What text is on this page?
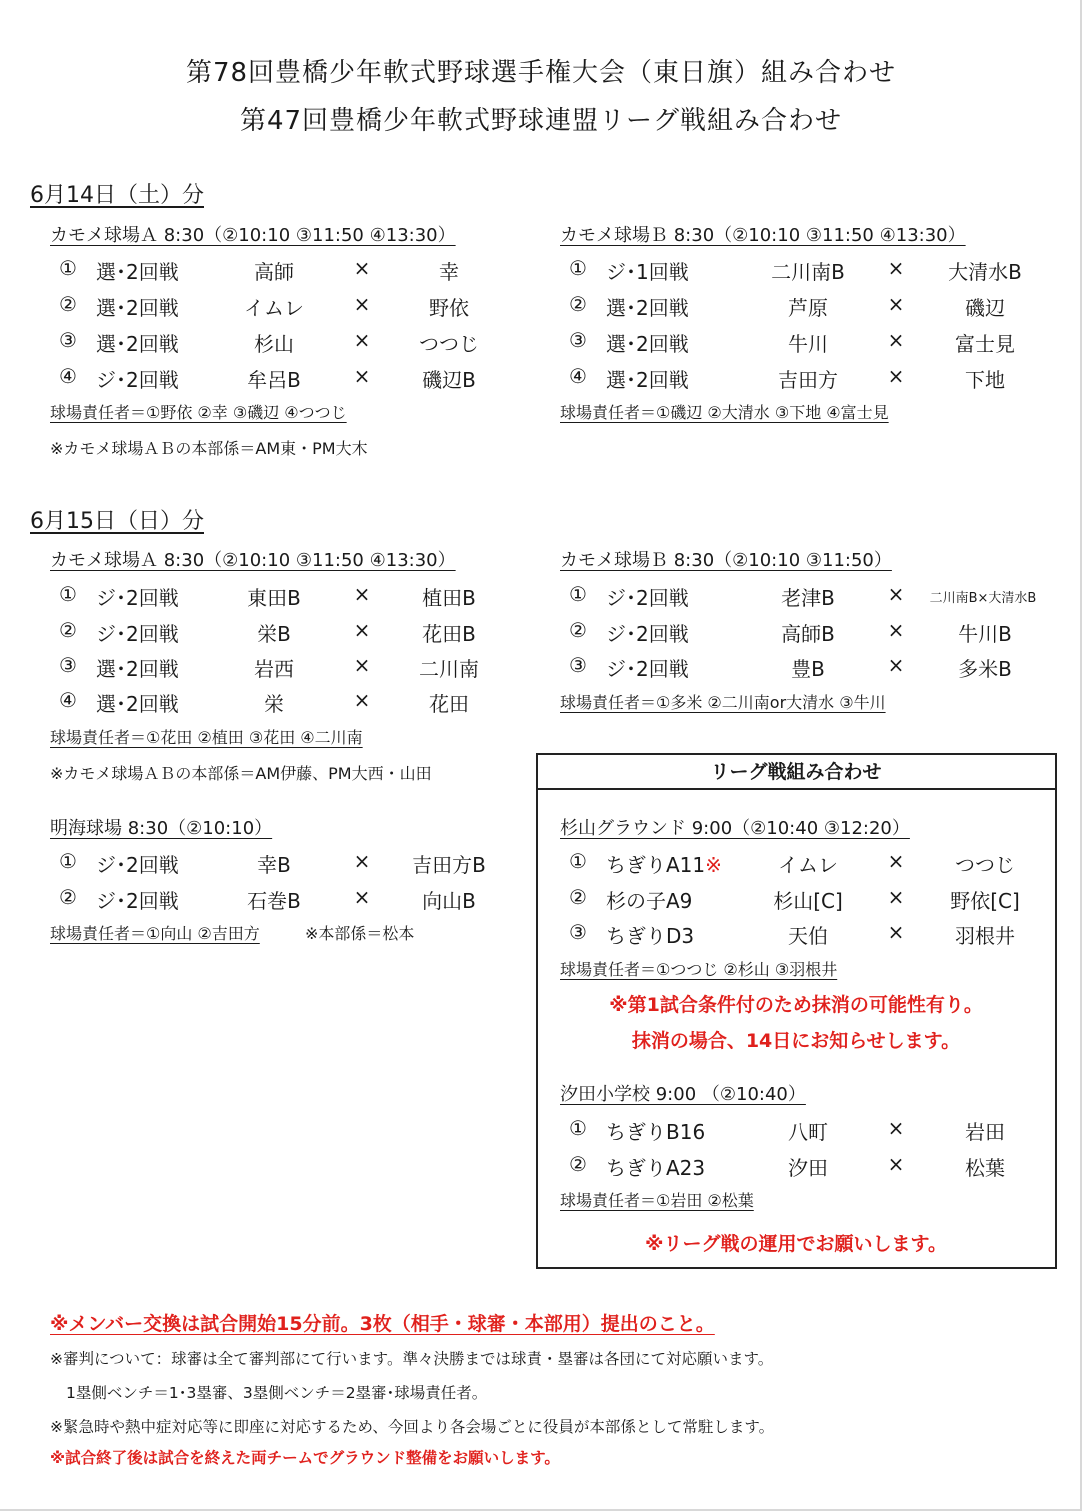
第78回豊橋少年軟式野球選手権大会（東日旗）組み合わせ
第47回豊橋少年軟式野球連盟リーグ戦組み合わせ
6月14日（土）分
カモメ球場Ａ 8:30（②10:10 ③11:50 ④13:30）
① 選･2回戦	高師	×	幸
② 選･2回戦	イムレ	×	野依
③ 選･2回戦	杉山	×	つつじ
④ ジ･2回戦	牟呂B	×	磯辺B
球場責任者＝①野依 ②幸 ③磯辺 ④つつじ
カモメ球場Ｂ 8:30（②10:10 ③11:50 ④13:30）
① ジ･1回戦	二川南B	×	大清水B
② 選･2回戦	芦原	×	磯辺
③ 選･2回戦	牛川	×	富士見
④ 選･2回戦	吉田方	×	下地
球場責任者＝①磯辺 ②大清水 ③下地 ④富士見
※カモメ球場ＡＢの本部係＝AM東・PM大木
6月15日（日）分
カモメ球場Ａ 8:30（②10:10 ③11:50 ④13:30）
① ジ･2回戦	東田B	×	植田B
② ジ･2回戦	栄B	×	花田B
③ 選･2回戦	岩西	×	二川南
④ 選･2回戦	栄	×	花田
球場責任者＝①花田 ②植田 ③花田 ④二川南
※カモメ球場ＡＢの本部係＝AM伊藤、PM大西・山田
カモメ球場Ｂ 8:30（②10:10 ③11:50）
① ジ･2回戦	老津B	×	二川南B×大清水B
② ジ･2回戦	高師B	×	牛川B
③ ジ･2回戦	豊B	×	多米B
球場責任者＝①多米 ②二川南or大清水 ③牛川
明海球場 8:30（②10:10）
① ジ･2回戦	幸B	×	吉田方B
② ジ･2回戦	石巻B	×	向山B
球場責任者＝①向山 ②吉田方	※本部係＝松本
リーグ戦組み合わせ
杉山グラウンド 9:00（②10:40 ③12:20）
① ちぎりA11※	イムレ	×	つつじ
② 杉の子A9	杉山[C]	×	野依[C]
③ ちぎりD3	天伯	×	羽根井
球場責任者＝①つつじ ②杉山 ③羽根井
※第1試合条件付のため抹消の可能性有り。
抹消の場合、14日にお知らせします。
汐田小学校 9:00 （②10:40）
① ちぎりB16	八町	×	岩田
② ちぎりA23	汐田	×	松葉
球場責任者＝①岩田 ②松葉
※リーグ戦の運用でお願いします。
※メンバー交換は試合開始15分前。3枚（相手・球審・本部用）提出のこと。
※審判について：球審は全て審判部にて行います。準々決勝までは球責・塁審は各団にて対応願います。
1塁側ベンチ＝1･3塁審、3塁側ベンチ＝2塁審･球場責任者。
※緊急時や熱中症対応等に即座に対応するため、今回より各会場ごとに役員が本部係として常駐します。
※試合終了後は試合を終えた両チームでグラウンド整備をお願いします。
